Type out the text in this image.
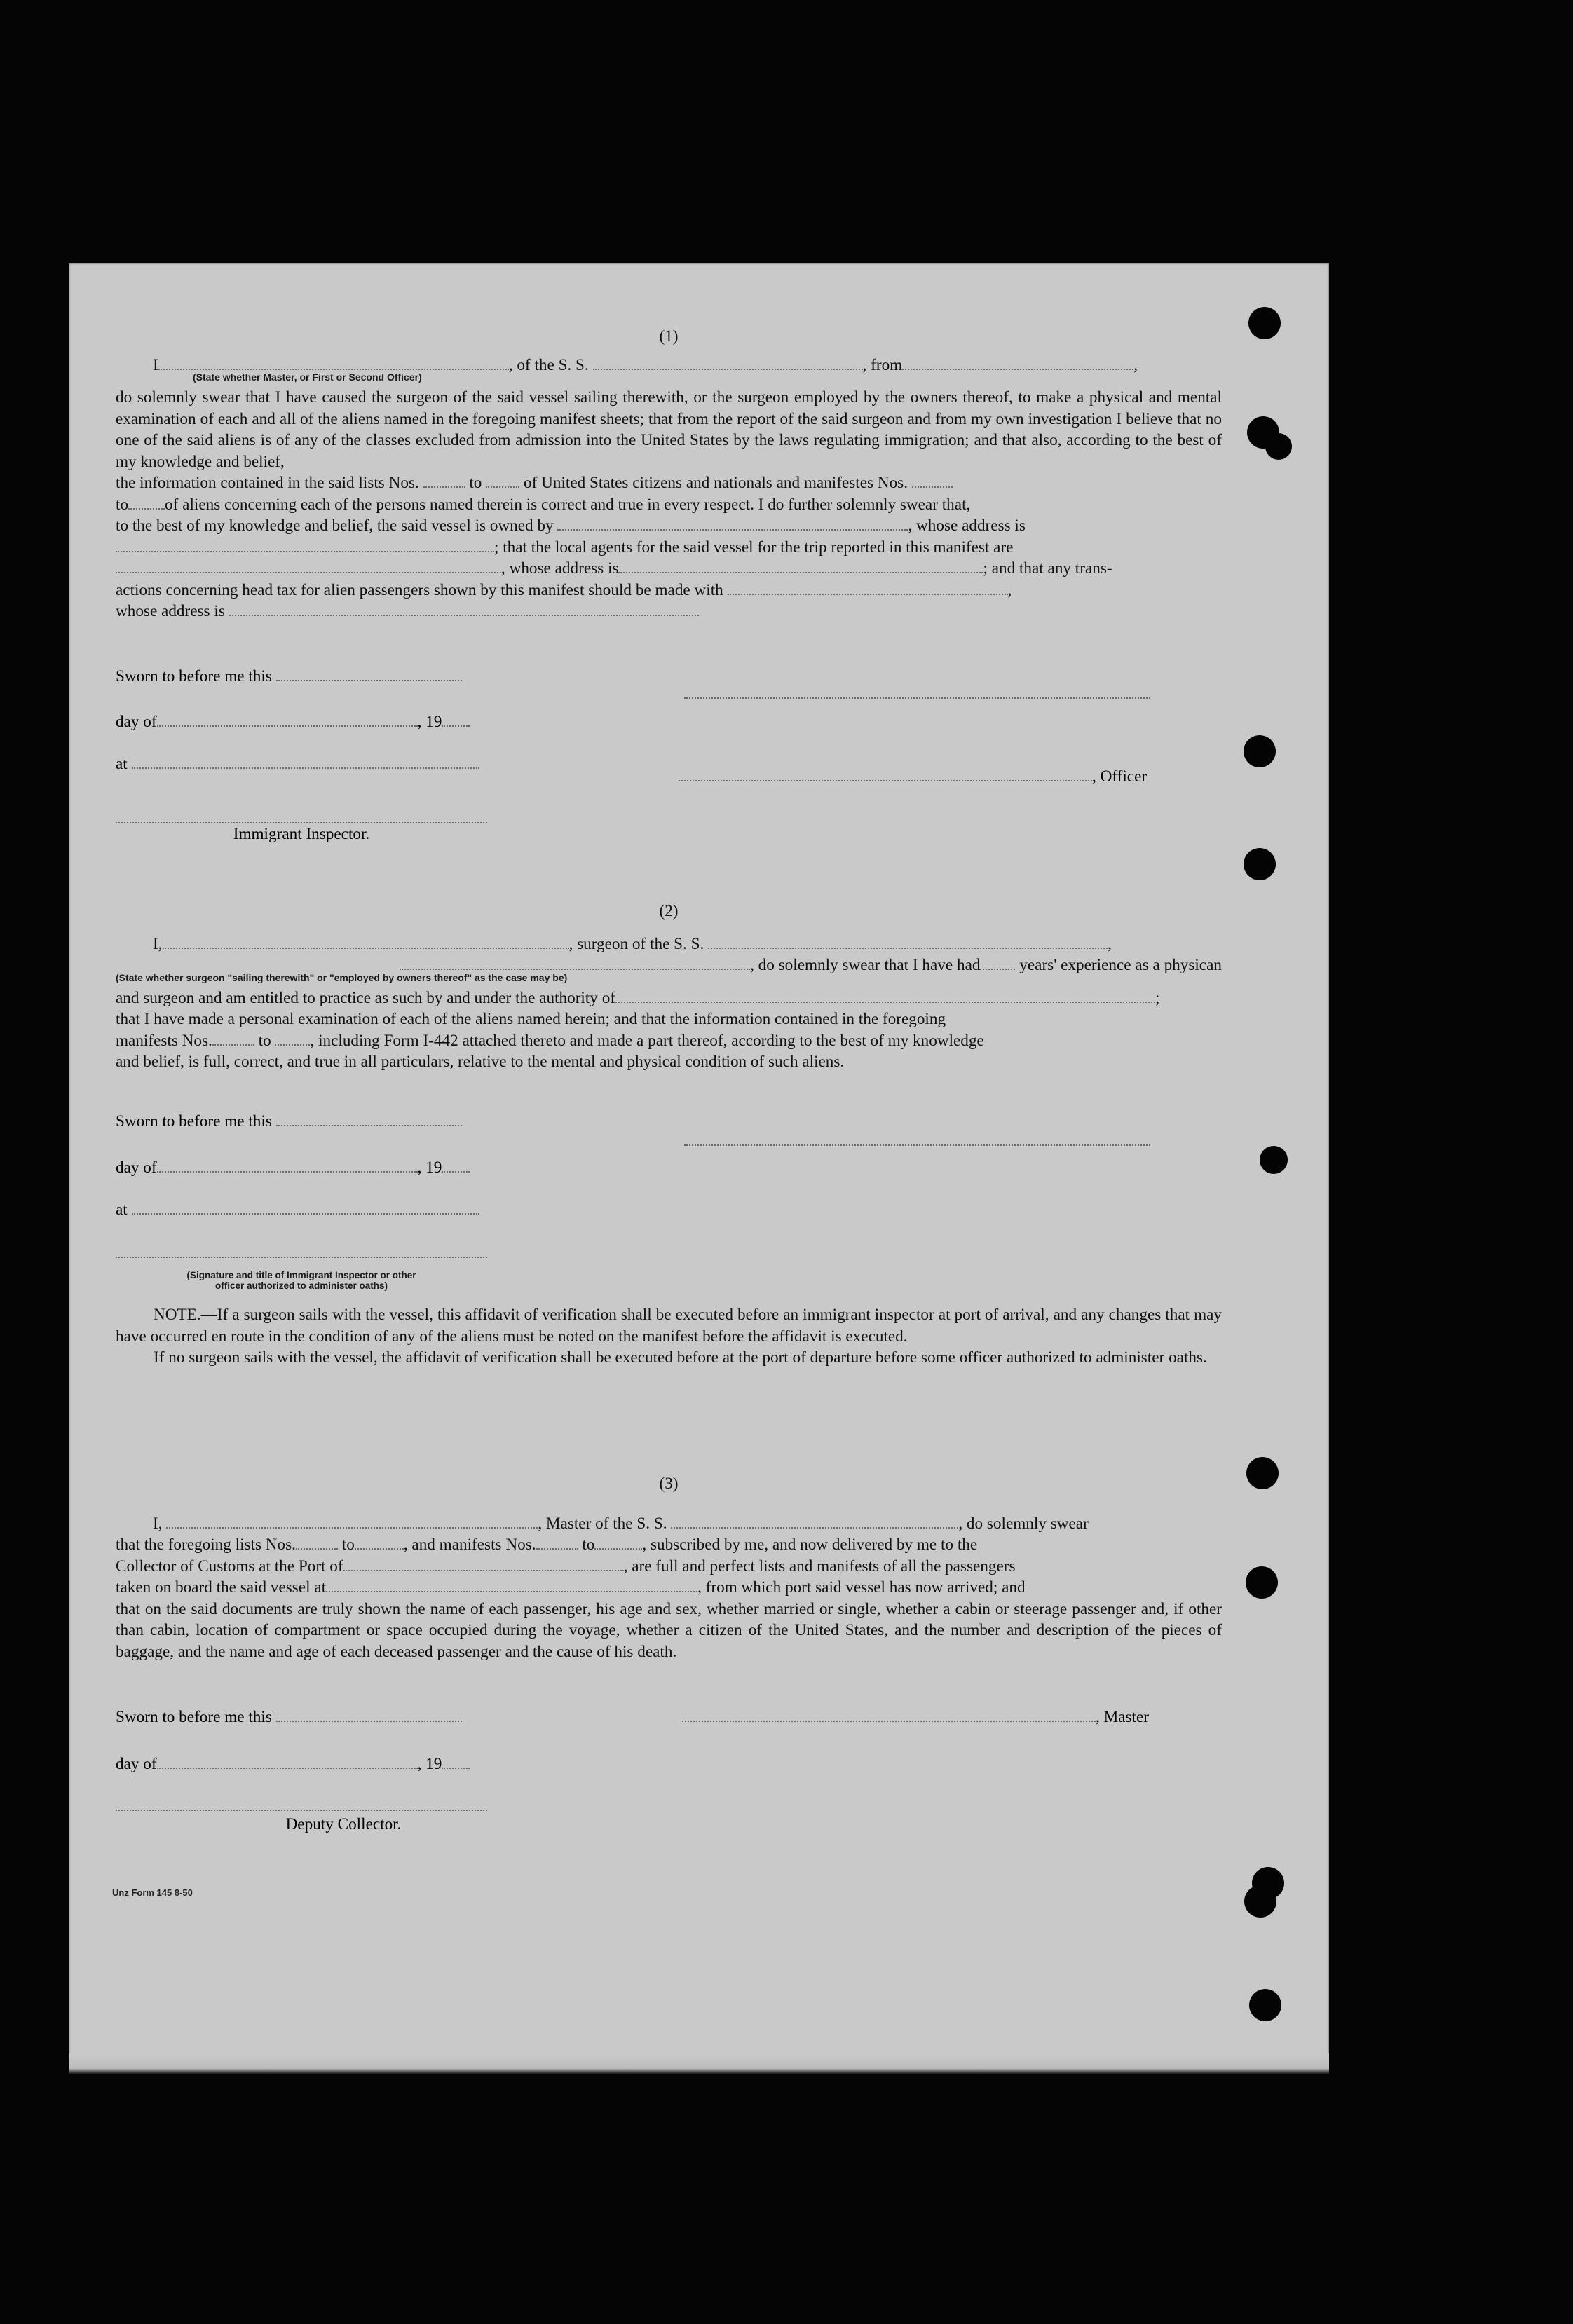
(1)

I	, of the S. S.	, from	,

(State whether Master, or First or Second Officer)

do solemnly swear that I have caused the surgeon of the said vessel sailing therewith, or the surgeon employed by the owners thereof, to make a physical and mental examination of each and all of the aliens named in the foregoing manifest sheets; that from the report of the said surgeon and from my own investigation I believe that no one of the said aliens is of any of the classes excluded from admission into the United States by the laws regulating immigration; and that also, according to the best of my knowledge and belief,

the information contained in the said lists Nos.	to	of United States citizens and nationals and manifestes Nos.

to of aliens concerning each of the persons named therein is correct and true in every respect. I do further solemnly swear that,

to the best of my knowledge and belief, the said vessel is owned by	, whose address is

; that the local agents for the said vessel for the trip reported in this manifest are

, whose address is	; and that any trans-

actions concerning head tax for alien passengers shown by this manifest should be made with	,

whose address is

Sworn to before me this
day of	, 19
at
, Officer
Immigrant Inspector.

(2)

I,	, surgeon of the S. S.	,

, do solemnly swear that I have had years' experience as a physican

(State whether surgeon "sailing therewith" or "employed by owners thereof" as the case may be)

and surgeon and am entitled to practice as such by and under the authority of	;

that I have made a personal examination of each of the aliens named herein; and that the information contained in the foregoing

manifests Nos.	to , including Form I-442 attached thereto and made a part thereof, according to the best of my knowledge

and belief, is full, correct, and true in all particulars, relative to the mental and physical condition of such aliens.

Sworn to before me this
day of	, 19
at
(Signature and title of Immigrant Inspector or other
officer authorized to administer oaths)

NOTE.—If a surgeon sails with the vessel, this affidavit of verification shall be executed before an immigrant inspector at port of arrival, and any changes that may have occurred en route in the condition of any of the aliens must be noted on the manifest before the affidavit is executed.

If no surgeon sails with the vessel, the affidavit of verification shall be executed before at the port of departure before some officer authorized to administer oaths.

(3)

I,	, Master of the S. S.	, do solemnly swear

that the foregoing lists Nos.	to	, and manifests Nos.	to	, subscribed by me, and now delivered by me to the

Collector of Customs at the Port of	, are full and perfect lists and manifests of all the passengers

taken on board the said vessel at	, from which port said vessel has now arrived; and

that on the said documents are truly shown the name of each passenger, his age and sex, whether married or single, whether a cabin or steerage passenger and, if other than cabin, location of compartment or space occupied during the voyage, whether a citizen of the United States, and the number and description of the pieces of baggage, and the name and age of each deceased passenger and the cause of his death.

Sworn to before me this	, Master
day of	, 19
Deputy Collector.
Unz Form 145 8-50
